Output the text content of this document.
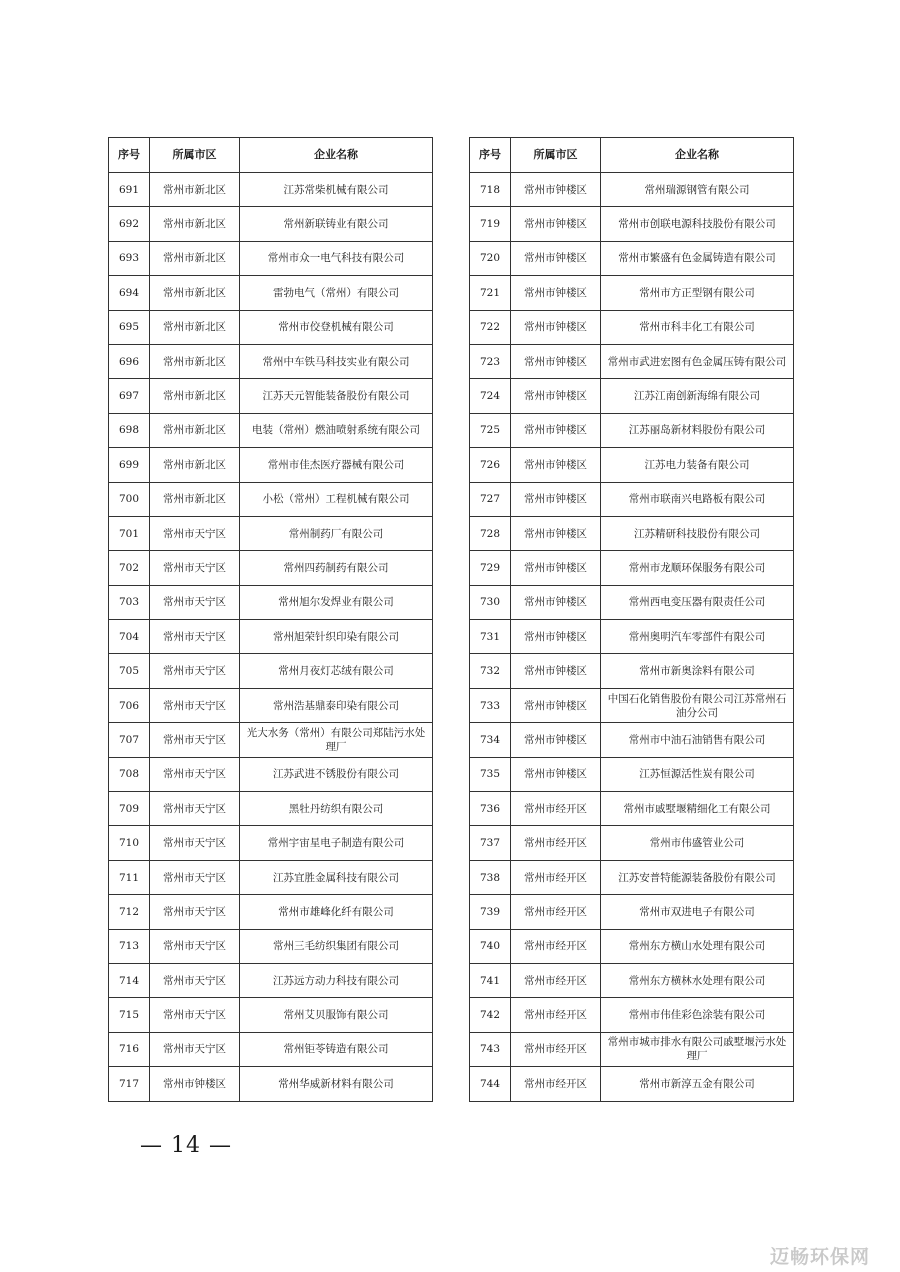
序号	所属市区	企业名称
691	常州市新北区	江苏常柴机械有限公司
692	常州市新北区	常州新联铸业有限公司
693	常州市新北区	常州市众一电气科技有限公司
694	常州市新北区	雷勃电气（常州）有限公司
695	常州市新北区	常州市佼登机械有限公司
696	常州市新北区	常州中车铁马科技实业有限公司
697	常州市新北区	江苏天元智能装备股份有限公司
698	常州市新北区	电装（常州）燃油喷射系统有限公司
699	常州市新北区	常州市佳杰医疗器械有限公司
700	常州市新北区	小松（常州）工程机械有限公司
701	常州市天宁区	常州制药厂有限公司
702	常州市天宁区	常州四药制药有限公司
703	常州市天宁区	常州旭尔发焊业有限公司
704	常州市天宁区	常州旭荣针织印染有限公司
705	常州市天宁区	常州月夜灯芯绒有限公司
706	常州市天宁区	常州浩基鼎泰印染有限公司
707	常州市天宁区	光大水务（常州）有限公司郑陆污水处理厂
708	常州市天宁区	江苏武进不锈股份有限公司
709	常州市天宁区	黑牡丹纺织有限公司
710	常州市天宁区	常州宇宙星电子制造有限公司
711	常州市天宁区	江苏宜胜金属科技有限公司
712	常州市天宁区	常州市雄峰化纤有限公司
713	常州市天宁区	常州三毛纺织集团有限公司
714	常州市天宁区	江苏远方动力科技有限公司
715	常州市天宁区	常州艾贝服饰有限公司
716	常州市天宁区	常州钜苓铸造有限公司
717	常州市钟楼区	常州华威新材料有限公司
序号	所属市区	企业名称
718	常州市钟楼区	常州瑞源钢管有限公司
719	常州市钟楼区	常州市创联电源科技股份有限公司
720	常州市钟楼区	常州市繁盛有色金属铸造有限公司
721	常州市钟楼区	常州市方正型钢有限公司
722	常州市钟楼区	常州市科丰化工有限公司
723	常州市钟楼区	常州市武进宏图有色金属压铸有限公司
724	常州市钟楼区	江苏江南创新海绵有限公司
725	常州市钟楼区	江苏丽岛新材料股份有限公司
726	常州市钟楼区	江苏电力装备有限公司
727	常州市钟楼区	常州市联南兴电路板有限公司
728	常州市钟楼区	江苏精研科技股份有限公司
729	常州市钟楼区	常州市龙顺环保服务有限公司
730	常州市钟楼区	常州西电变压器有限责任公司
731	常州市钟楼区	常州奥明汽车零部件有限公司
732	常州市钟楼区	常州市新奥涂料有限公司
733	常州市钟楼区	中国石化销售股份有限公司江苏常州石油分公司
734	常州市钟楼区	常州市中油石油销售有限公司
735	常州市钟楼区	江苏恒源活性炭有限公司
736	常州市经开区	常州市戚墅堰精细化工有限公司
737	常州市经开区	常州市伟盛管业公司
738	常州市经开区	江苏安普特能源装备股份有限公司
739	常州市经开区	常州市双进电子有限公司
740	常州市经开区	常州东方横山水处理有限公司
741	常州市经开区	常州东方横林水处理有限公司
742	常州市经开区	常州市伟佳彩色涂装有限公司
743	常州市经开区	常州市城市排水有限公司戚墅堰污水处理厂
744	常州市经开区	常州市新淳五金有限公司
— 14 —
迈畅环保网
